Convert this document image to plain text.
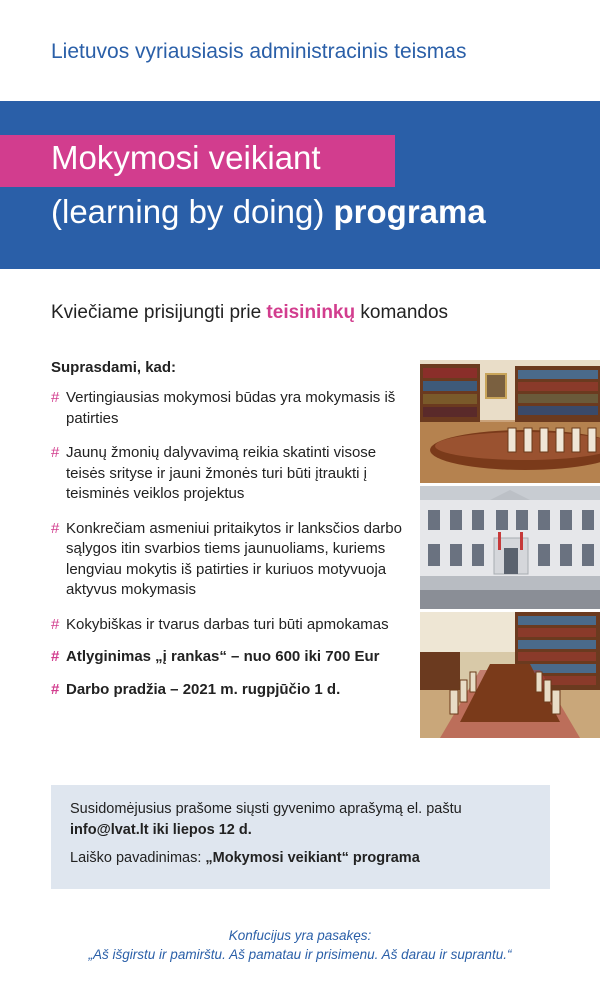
Lietuvos vyriausiasis administracinis teismas
Mokymosi veikiant
(learning by doing) programa
Kviečiame prisijungti prie teisininkų komandos
Suprasdami, kad:
# Vertingiausias mokymosi būdas yra mokymasis iš patirties
# Jaunų žmonių dalyvavimą reikia skatinti visose teisės srityse ir jauni žmonės turi būti įtraukti į teisminės veiklos projektus
# Konkrečiam asmeniui pritaikytos ir lanksčios darbo sąlygos itin svarbios tiems jaunuoliams, kuriems lengviau mokytis iš patirties ir kuriuos motyvuoja aktyvus mokymasis
# Kokybiškas ir tvarus darbas turi būti apmokamas
# Atlyginimas „į rankas“ – nuo 600 iki 700 Eur
# Darbo pradžia – 2021 m. rugpjūčio 1 d.

Susidomėjusius prašome siųsti gyvenimo aprašymą el. paštu

info@lvat.lt iki liepos 12 d.

Laiško pavadinimas: „Mokymosi veikiant“ programa

Konfucijus yra pasakęs:
„Aš išgirstu ir pamirštu. Aš pamatau ir prisimenu. Aš darau ir suprantu.“
